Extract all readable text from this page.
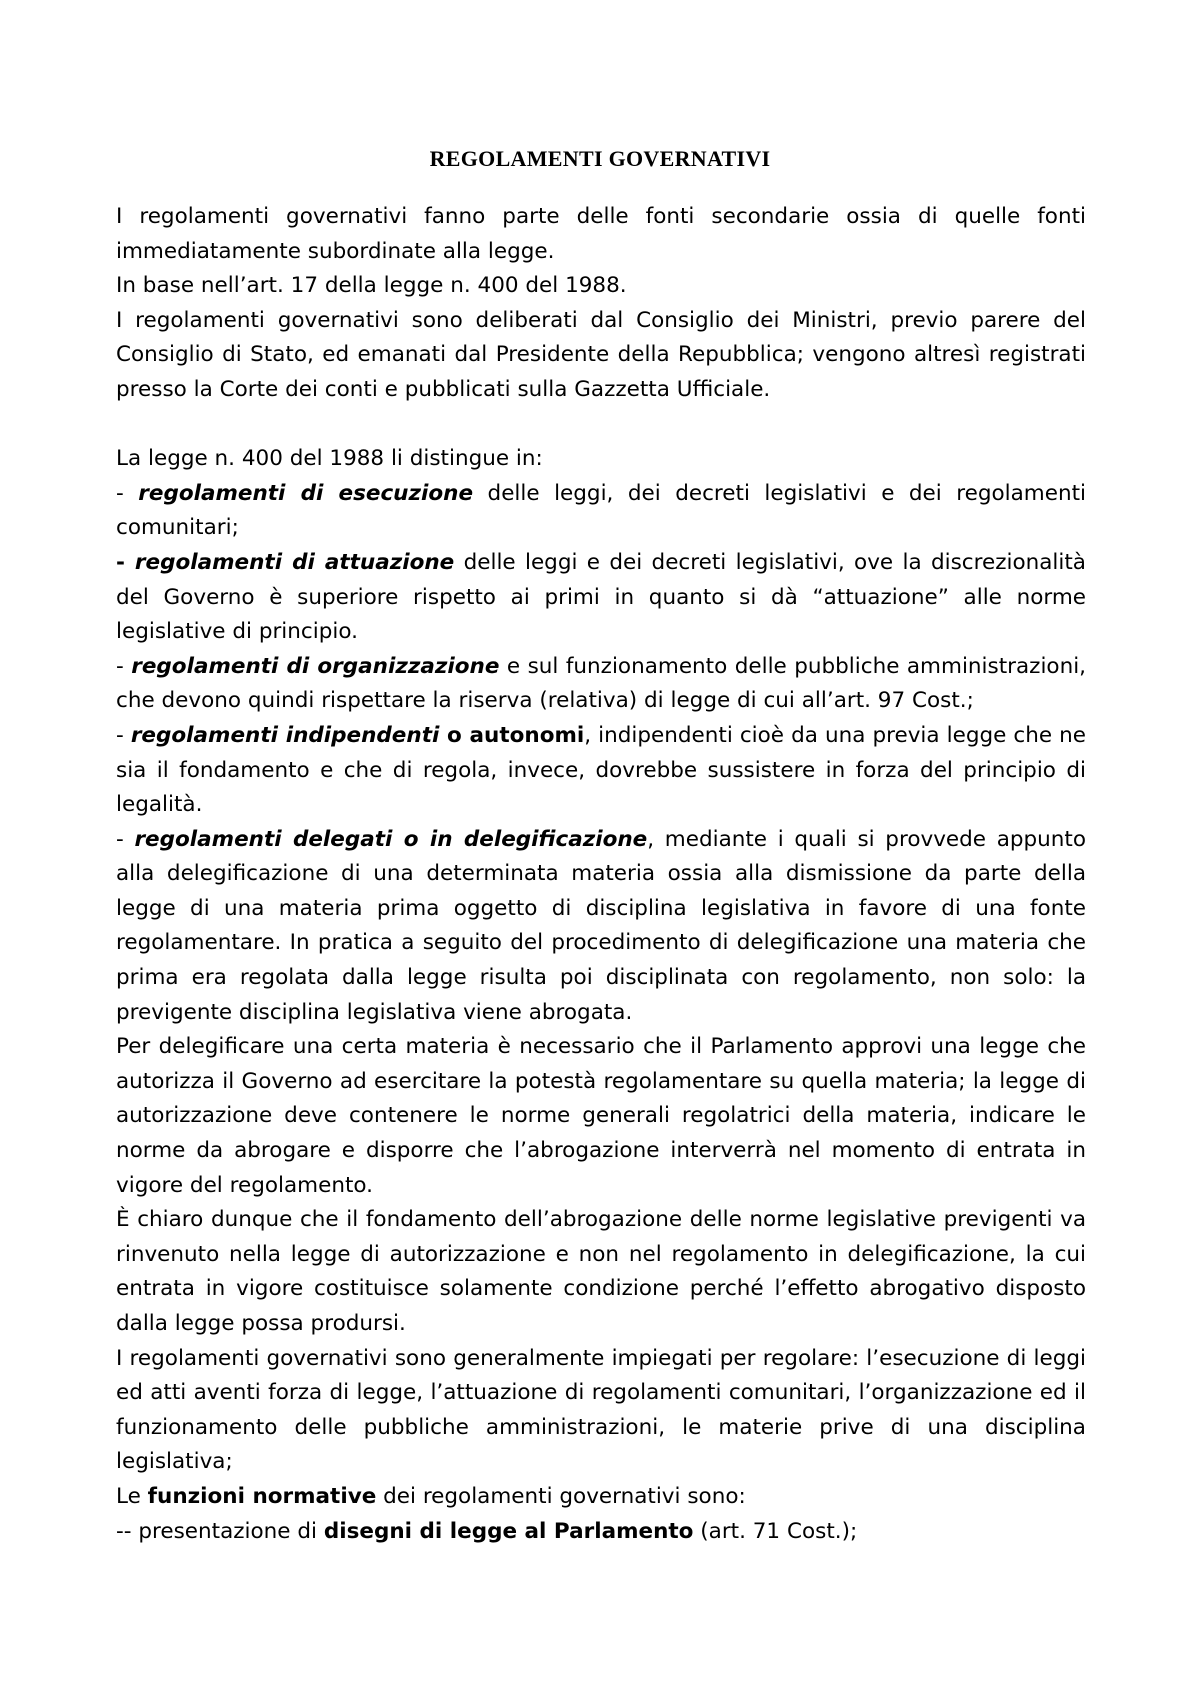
REGOLAMENTI GOVERNATIVI

I regolamenti governativi fanno parte delle fonti secondarie ossia di quelle fonti immediatamente subordinate alla legge.

In base nell’art. 17 della legge n. 400 del 1988.

I regolamenti governativi sono deliberati dal Consiglio dei Ministri, previo parere del Consiglio di Stato, ed emanati dal Presidente della Repubblica; vengono altresì registrati presso la Corte dei conti e pubblicati sulla Gazzetta Ufficiale.

La legge n. 400 del 1988 li distingue in:

- regolamenti di esecuzione delle leggi, dei decreti legislativi e dei regolamenti comunitari;

- regolamenti di attuazione delle leggi e dei decreti legislativi, ove la discrezionalità del Governo è superiore rispetto ai primi in quanto si dà “attuazione” alle norme legislative di principio.

- regolamenti di organizzazione e sul funzionamento delle pubbliche amministrazioni, che devono quindi rispettare la riserva (relativa) di legge di cui all’art. 97 Cost.;

- regolamenti indipendenti o autonomi, indipendenti cioè da una previa legge che ne sia il fondamento e che di regola, invece, dovrebbe sussistere in forza del principio di legalità.

- regolamenti delegati o in delegificazione, mediante i quali si provvede appunto alla delegificazione di una determinata materia ossia alla dismissione da parte della legge di una materia prima oggetto di disciplina legislativa in favore di una fonte regolamentare. In pratica a seguito del procedimento di delegificazione una materia che prima era regolata dalla legge risulta poi disciplinata con regolamento, non solo: la previgente disciplina legislativa viene abrogata.

Per delegificare una certa materia è necessario che il Parlamento approvi una legge che autorizza il Governo ad esercitare la potestà regolamentare su quella materia; la legge di autorizzazione deve contenere le norme generali regolatrici della materia, indicare le norme da abrogare e disporre che l’abrogazione interverrà nel momento di entrata in vigore del regolamento.

È chiaro dunque che il fondamento dell’abrogazione delle norme legislative previgenti va rinvenuto nella legge di autorizzazione e non nel regolamento in delegificazione, la cui entrata in vigore costituisce solamente condizione perché l’effetto abrogativo disposto dalla legge possa prodursi.

I regolamenti governativi sono generalmente impiegati per regolare: l’esecuzione di leggi ed atti aventi forza di legge, l’attuazione di regolamenti comunitari, l’organizzazione ed il funzionamento delle pubbliche amministrazioni, le materie prive di una disciplina legislativa;

Le funzioni normative dei regolamenti governativi sono:

-- presentazione di disegni di legge al Parlamento (art. 71 Cost.);
